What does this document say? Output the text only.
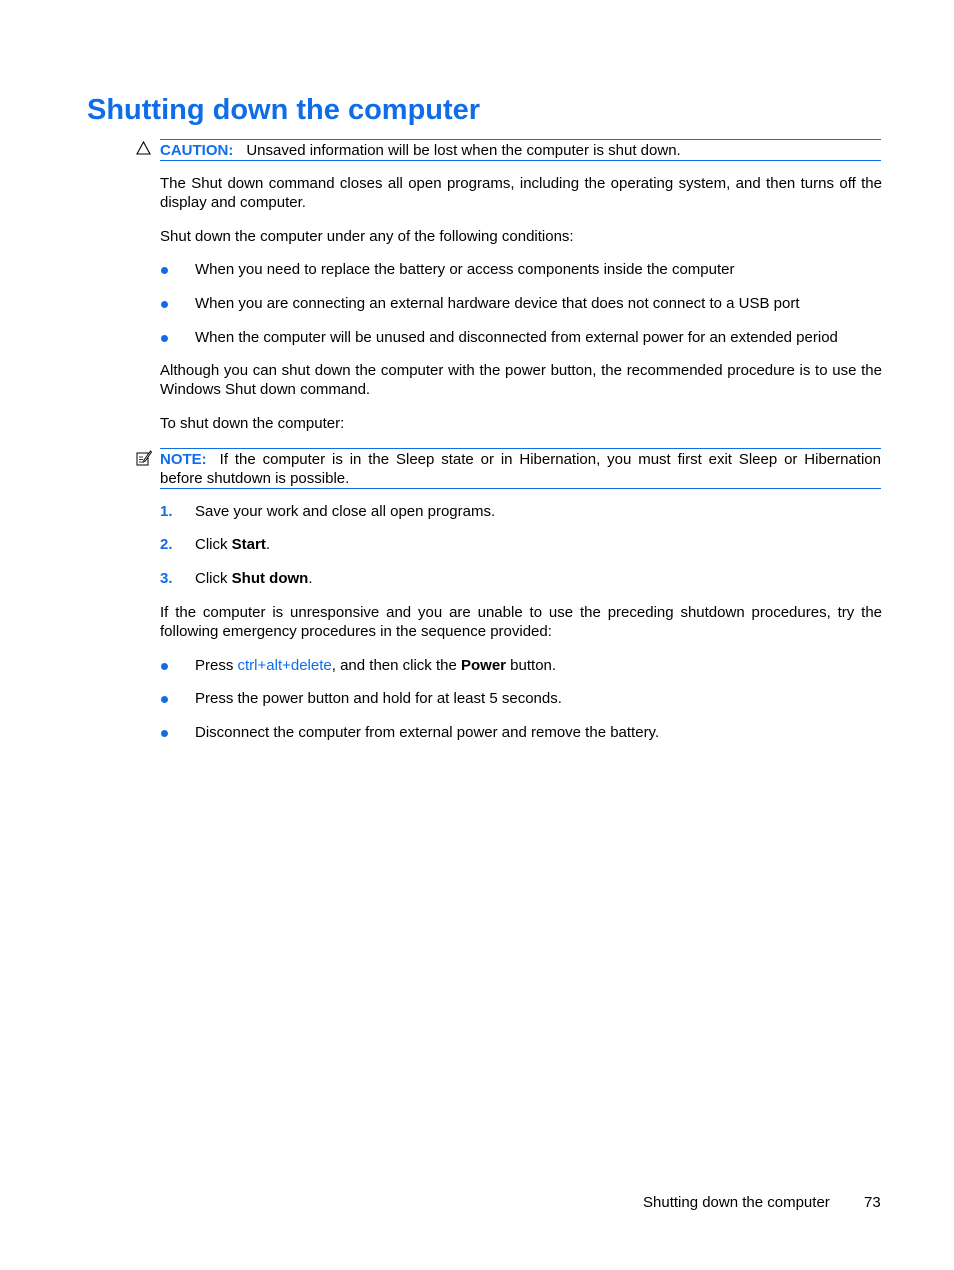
Shutting down the computer
CAUTION: Unsaved information will be lost when the computer is shut down.

The Shut down command closes all open programs, including the operating system, and then turns off the display and computer.

Shut down the computer under any of the following conditions:

When you need to replace the battery or access components inside the computer
When you are connecting an external hardware device that does not connect to a USB port
When the computer will be unused and disconnected from external power for an extended period

Although you can shut down the computer with the power button, the recommended procedure is to use the Windows Shut down command.

To shut down the computer:

NOTE: If the computer is in the Sleep state or in Hibernation, you must first exit Sleep or Hibernation before shutdown is possible.
1. Save your work and close all open programs.
2. Click Start.
3. Click Shut down.

If the computer is unresponsive and you are unable to use the preceding shutdown procedures, try the following emergency procedures in the sequence provided:

Press ctrl+alt+delete, and then click the Power button.
Press the power button and hold for at least 5 seconds.
Disconnect the computer from external power and remove the battery.
Shutting down the computer 73
